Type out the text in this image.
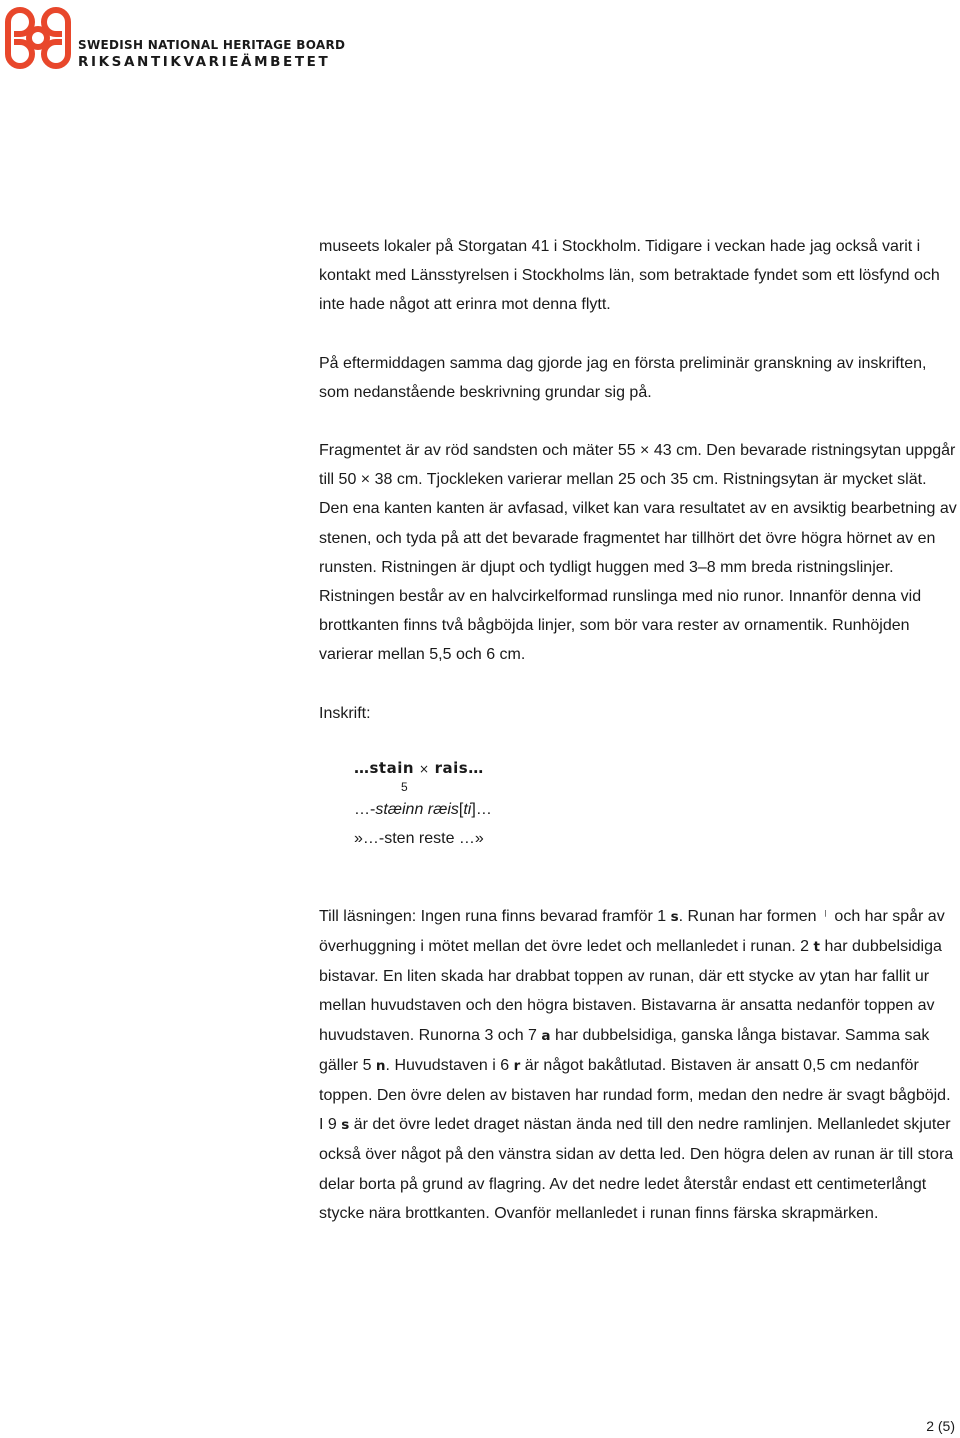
SWEDISH NATIONAL HERITAGE BOARD
RIKSANTIKVARIEÄMBETET

museets lokaler på Storgatan 41 i Stockholm. Tidigare i veckan hade jag också varit i kontakt med Länsstyrelsen i Stockholms län, som betraktade fyndet som ett lösfynd och inte hade något att erinra mot denna flytt.

På eftermiddagen samma dag gjorde jag en första preliminär granskning av inskriften, som nedanstående beskrivning grundar sig på.

Fragmentet är av röd sandsten och mäter 55 × 43 cm. Den bevarade ristningsytan uppgår till 50 × 38 cm. Tjockleken varierar mellan 25 och 35 cm. Ristningsytan är mycket slät. Den ena kanten kanten är avfasad, vilket kan vara resultatet av en avsiktig bearbetning av stenen, och tyda på att det bevarade fragmentet har tillhört det övre högra hörnet av en runsten. Ristningen är djupt och tydligt huggen med 3–8 mm breda ristningslinjer. Ristningen består av en halvcirkelformad runslinga med nio runor. Innanför denna vid brottkanten finns två bågböjda linjer, som bör vara rester av ornamentik. Runhöjden varierar mellan 5,5 och 6 cm.

Inskrift:

…stain × rais…
5
…-stæinn ræis[ti]…
»…-sten reste …»

Till läsningen: Ingen runa finns bevarad framför 1 s. Runan har formen ᛌ och har spår av överhuggning i mötet mellan det övre ledet och mellanledet i runan. 2 t har dubbelsidiga bistavar. En liten skada har drabbat toppen av runan, där ett stycke av ytan har fallit ur mellan huvudstaven och den högra bistaven. Bistavarna är ansatta nedanför toppen av huvudstaven. Runorna 3 och 7 a har dubbelsidiga, ganska långa bistavar. Samma sak gäller 5 n. Huvudstaven i 6 r är något bakåtlutad. Bistaven är ansatt 0,5 cm nedanför toppen. Den övre delen av bistaven har rundad form, medan den nedre är svagt bågböjd. I 9 s är det övre ledet draget nästan ända ned till den nedre ramlinjen. Mellanledet skjuter också över något på den vänstra sidan av detta led. Den högra delen av runan är till stora delar borta på grund av flagring. Av det nedre ledet återstår endast ett centimeterlångt stycke nära brottkanten. Ovanför mellanledet i runan finns färska skrapmärken.

2 (5)
